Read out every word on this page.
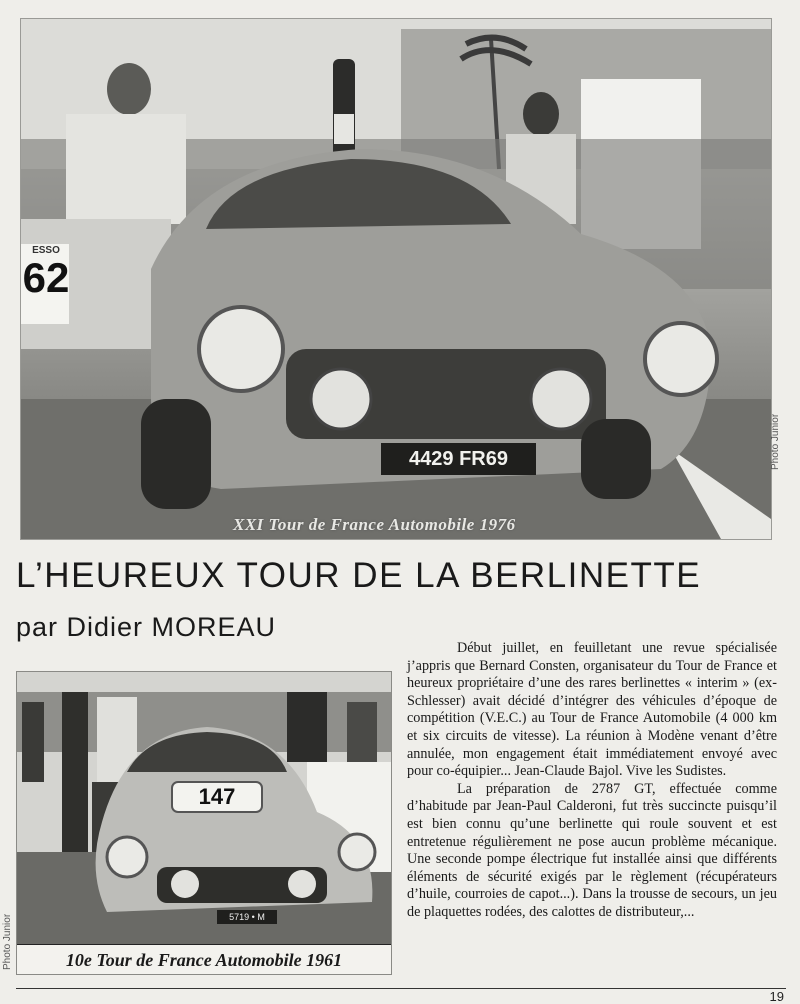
ESSO
62
4429 FR69
XXI Tour de France Automobile 1976
Photo Junior
L’HEUREUX TOUR DE LA BERLINETTE
par Didier MOREAU
147
5719 • M
10e Tour de France Automobile 1961
Photo Junior

Début juillet, en feuilletant une revue spécialisée j’appris que Bernard Consten, organisateur du Tour de France et heureux propriétaire d’une des rares berlinettes « interim » (ex-Schlesser) avait décidé d’intégrer des véhicules d’époque de compétition (V.E.C.) au Tour de France Automobile (4 000 km et six circuits de vitesse). La réunion à Modène venant d’être annulée, mon engagement était immédiatement envoyé avec pour co-équipier... Jean-Claude Bajol. Vive les Sudistes.

La préparation de 2787 GT, effectuée comme d’habitude par Jean-Paul Calderoni, fut très succincte puisqu’il est bien connu qu’une berlinette qui roule souvent et est entretenue régulièrement ne pose aucun problème mécanique. Une seconde pompe électrique fut installée ainsi que différents éléments de sécurité exigés par le règlement (récupérateurs d’huile, courroies de capot...). Dans la trousse de secours, un jeu de plaquettes rodées, des calottes de distributeur,...

19
